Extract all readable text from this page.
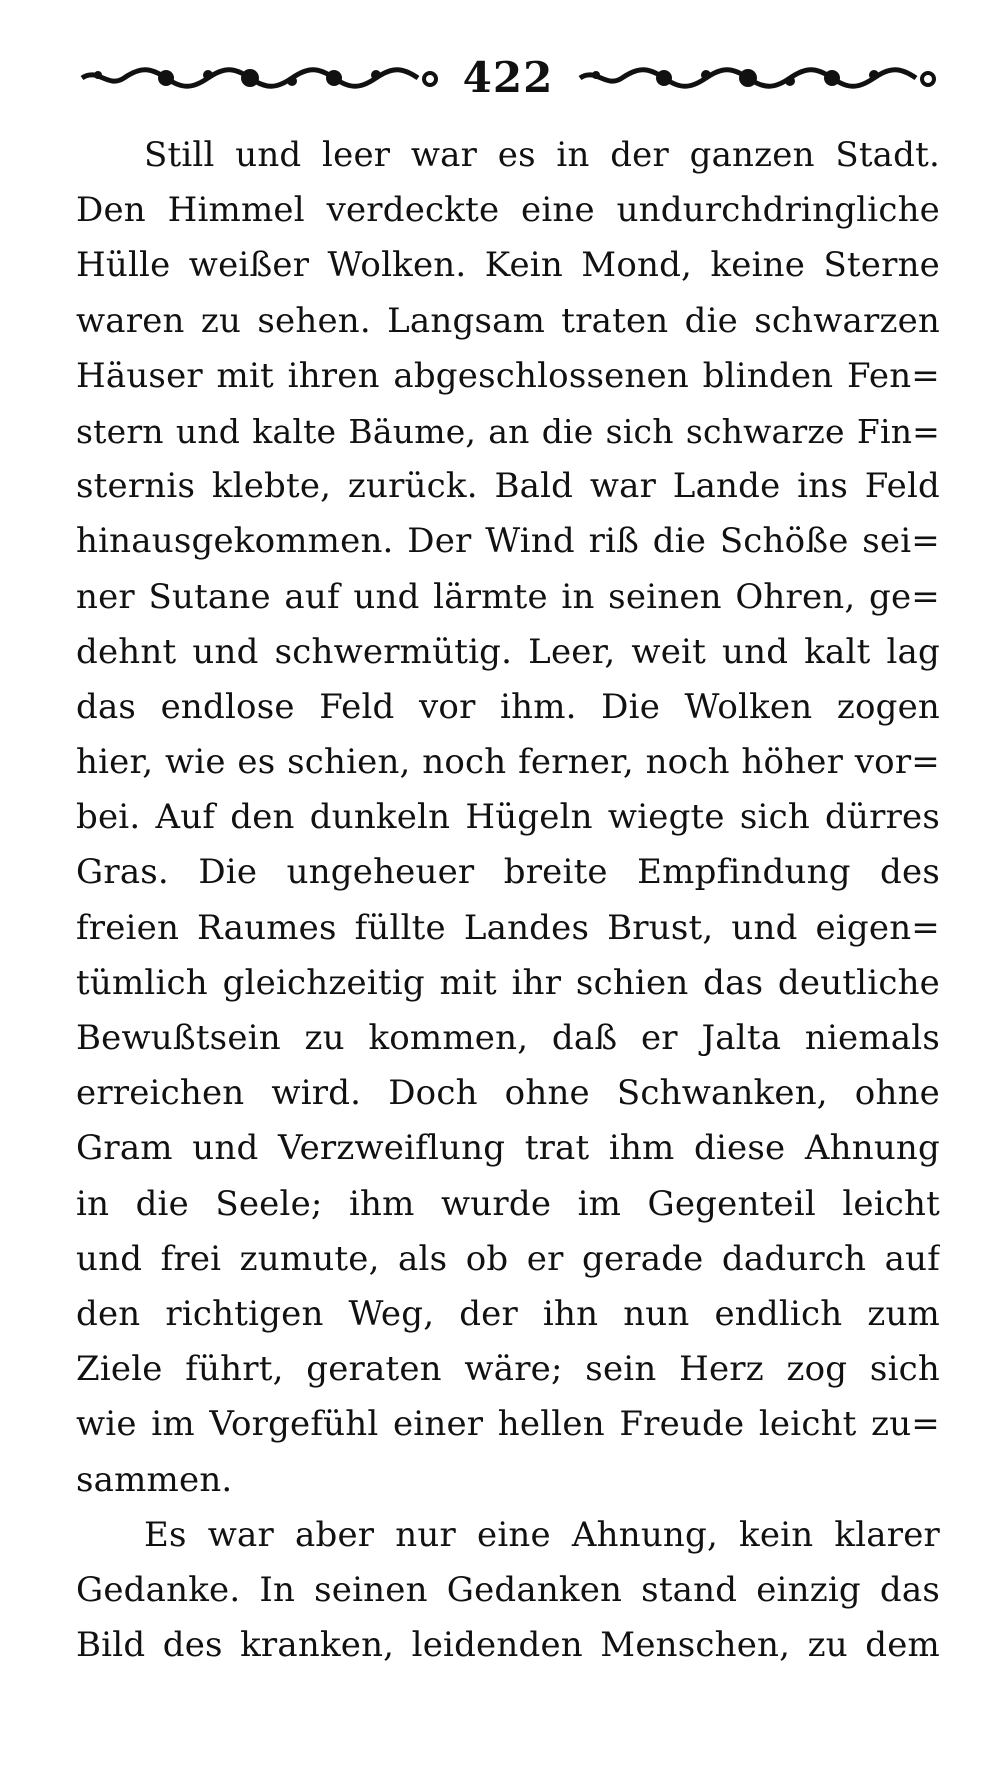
422
Still und leer war es in der ganzen Stadt.
Den Himmel verdeckte eine undurchdringliche
Hülle weißer Wolken. Kein Mond, keine Sterne
waren zu sehen. Langsam traten die schwarzen
Häuser mit ihren abgeschlossenen blinden Fen=
stern und kalte Bäume, an die sich schwarze Fin=
sternis klebte, zurück. Bald war Lande ins Feld
hinausgekommen. Der Wind riß die Schöße sei=
ner Sutane auf und lärmte in seinen Ohren, ge=
dehnt und schwermütig. Leer, weit und kalt lag
das endlose Feld vor ihm. Die Wolken zogen
hier, wie es schien, noch ferner, noch höher vor=
bei. Auf den dunkeln Hügeln wiegte sich dürres
Gras. Die ungeheuer breite Empfindung des
freien Raumes füllte Landes Brust, und eigen=
tümlich gleichzeitig mit ihr schien das deutliche
Bewußtsein zu kommen, daß er Jalta niemals
erreichen wird. Doch ohne Schwanken, ohne
Gram und Verzweiflung trat ihm diese Ahnung
in die Seele; ihm wurde im Gegenteil leicht
und frei zumute, als ob er gerade dadurch auf
den richtigen Weg, der ihn nun endlich zum
Ziele führt, geraten wäre; sein Herz zog sich
wie im Vorgefühl einer hellen Freude leicht zu=
sammen.
Es war aber nur eine Ahnung, kein klarer
Gedanke. In seinen Gedanken stand einzig das
Bild des kranken, leidenden Menschen, zu dem
